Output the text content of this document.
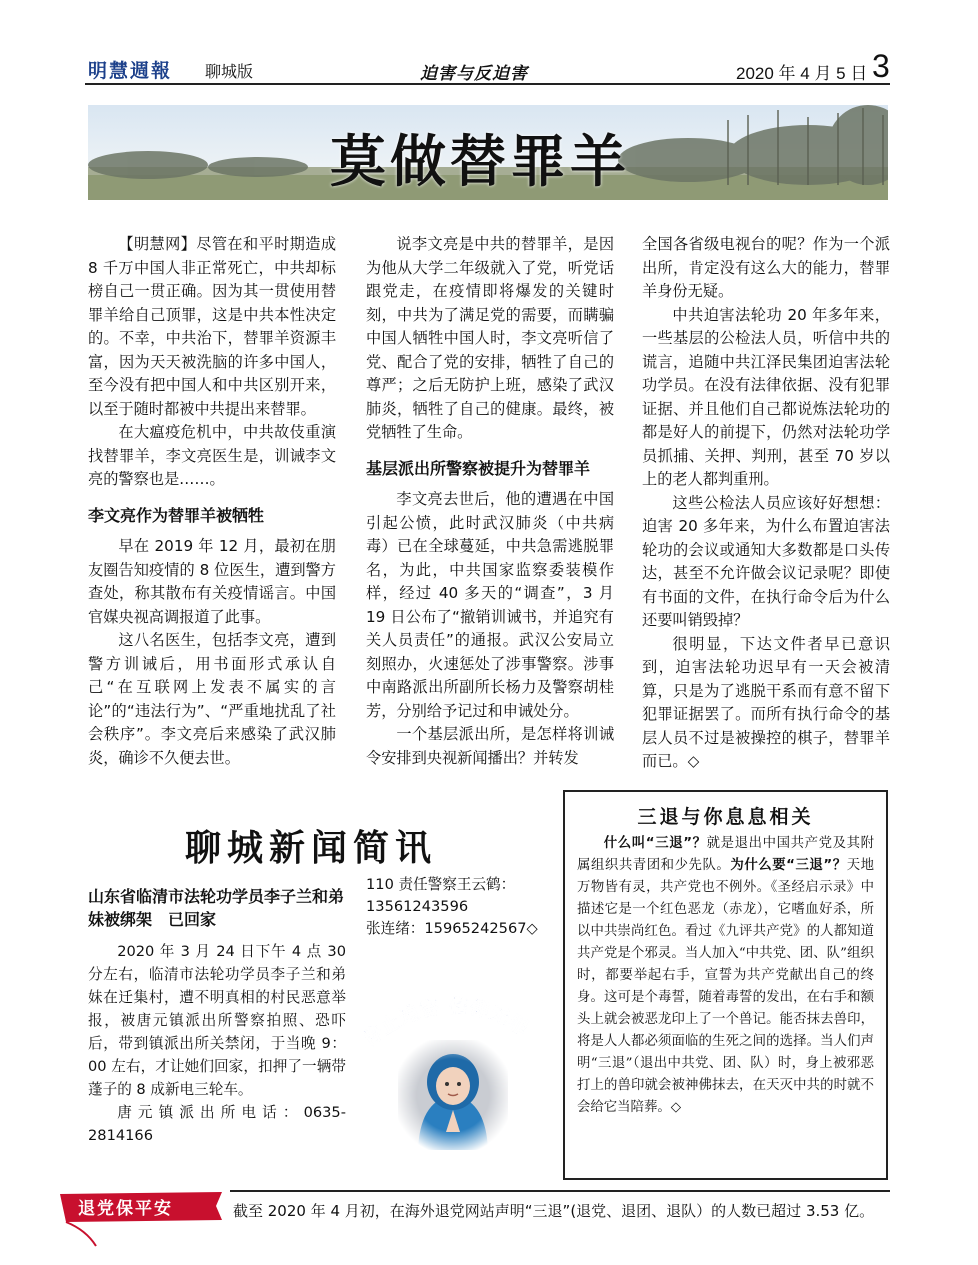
明慧週報 聊城版	迫害与反迫害	2020 年 4 月 5 日 3
莫做替罪羊

【明慧网】尽管在和平时期造成 8 千万中国人非正常死亡，中共却标榜自己一贯正确。因为其一贯使用替罪羊给自己顶罪，这是中共本性决定的。不幸，中共治下，替罪羊资源丰富，因为天天被洗脑的许多中国人，至今没有把中国人和中共区别开来，以至于随时都被中共提出来替罪。

在大瘟疫危机中，中共故伎重演找替罪羊，李文亮医生是，训诫李文亮的警察也是……。

李文亮作为替罪羊被牺牲

早在 2019 年 12 月，最初在朋友圈告知疫情的 8 位医生，遭到警方查处，称其散布有关疫情谣言。中国官媒央视高调报道了此事。

这八名医生，包括李文亮，遭到警方训诫后，用书面形式承认自己“在互联网上发表不属实的言论”的“违法行为”、“严重地扰乱了社会秩序”。李文亮后来感染了武汉肺炎，确诊不久便去世。

说李文亮是中共的替罪羊，是因为他从大学二年级就入了党，听党话跟党走，在疫情即将爆发的关键时刻，中共为了满足党的需要，而瞒骗中国人牺牲中国人时，李文亮听信了党、配合了党的安排，牺牲了自己的尊严；之后无防护上班，感染了武汉肺炎，牺牲了自己的健康。最终，被党牺牲了生命。

基层派出所警察被提升为替罪羊

李文亮去世后，他的遭遇在中国引起公愤，此时武汉肺炎（中共病毒）已在全球蔓延，中共急需逃脱罪名，为此，中共国家监察委装模作样，经过 40 多天的“调查”，3 月 19 日公布了“撤销训诫书，并追究有关人员责任”的通报。武汉公安局立刻照办，火速惩处了涉事警察。涉事中南路派出所副所长杨力及警察胡桂芳，分别给予记过和申诫处分。

一个基层派出所，是怎样将训诫令安排到央视新闻播出？并转发

全国各省级电视台的呢？作为一个派出所，肯定没有这么大的能力，替罪羊身份无疑。

中共迫害法轮功 20 年多年来，一些基层的公检法人员，听信中共的谎言，追随中共江泽民集团迫害法轮功学员。在没有法律依据、没有犯罪证据、并且他们自己都说炼法轮功的都是好人的前提下，仍然对法轮功学员抓捕、关押、判刑，甚至 70 岁以上的老人都判重刑。

这些公检法人员应该好好想想：迫害 20 多年来，为什么布置迫害法轮功的会议或通知大多数都是口头传达，甚至不允许做会议记录呢？即使有书面的文件，在执行命令后为什么还要叫销毁掉？

很明显，下达文件者早已意识到，迫害法轮功迟早有一天会被清算，只是为了逃脱干系而有意不留下犯罪证据罢了。而所有执行命令的基层人员不过是被操控的棋子，替罪羊而已。◇

聊城新闻简讯
山东省临清市法轮功学员李子兰和弟妹被绑架　已回家

2020 年 3 月 24 日下午 4 点 30 分左右，临清市法轮功学员李子兰和弟妹在迁集村，遭不明真相的村民恶意举报，被唐元镇派出所警察拍照、恐吓后，带到镇派出所关禁闭，于当晚 9：00 左右，才让她们回家，扣押了一辆带蓬子的 8 成新电三轮车。

唐元镇派出所电话：0635-2814166

110 责任警察王云鹤：13561243596

张连绪：15965242567◇

停止迫害 信仰无罪
三退与你息息相关
什么叫“三退”？就是退出中国共产党及其附属组织共青团和少先队。为什么要“三退”？天地万物皆有灵，共产党也不例外。《圣经启示录》中描述它是一个红色恶龙（赤龙），它嗜血好杀，所以中共崇尚红色。看过《九评共产党》的人都知道共产党是个邪灵。当人加入“中共党、团、队”组织时，都要举起右手，宣誓为共产党献出自己的终身。这可是个毒誓，随着毒誓的发出，在右手和额头上就会被恶龙印上了一个兽记。能否抹去兽印，将是人人都必须面临的生死之间的选择。当人们声明“三退”（退出中共党、团、队）时，身上被邪恶打上的兽印就会被神佛抹去，在天灭中共的时就不会给它当陪葬。◇
退党保平安	截至 2020 年 4 月初，在海外退党网站声明“三退”(退党、退团、退队）的人数已超过 3.53 亿。
